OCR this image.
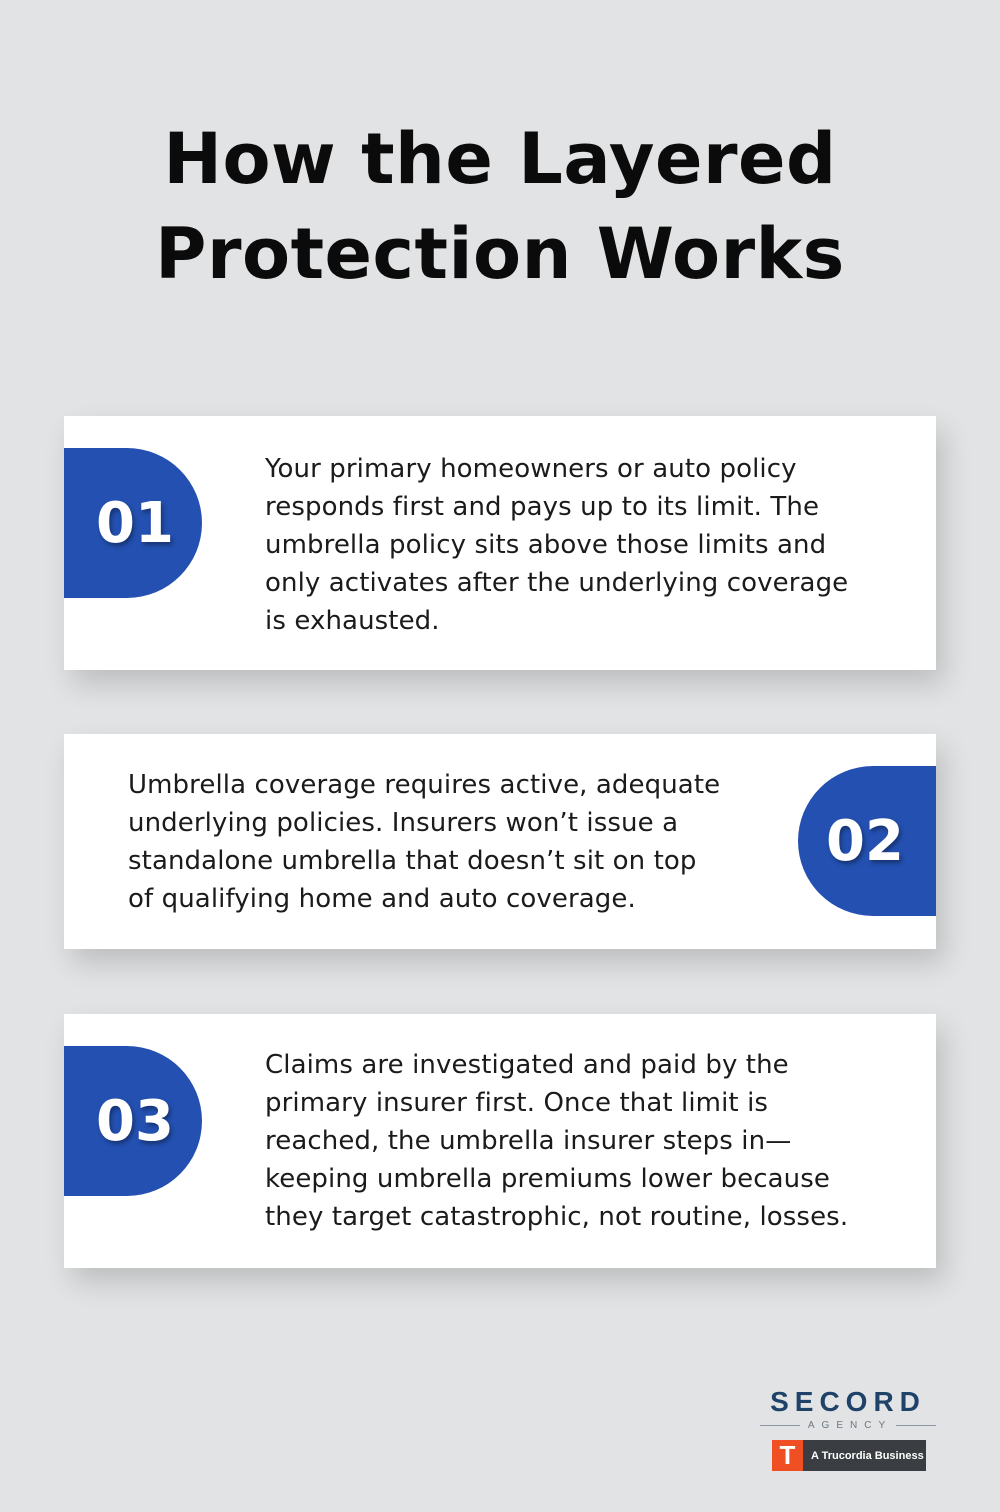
How the Layered
Protection Works
01
Your primary homeowners or auto policy
responds first and pays up to its limit. The
umbrella policy sits above those limits and
only activates after the underlying coverage
is exhausted.
Umbrella coverage requires active, adequate
underlying policies. Insurers won’t issue a
standalone umbrella that doesn’t sit on top
of qualifying home and auto coverage.
02
03
Claims are investigated and paid by the
primary insurer first. Once that limit is
reached, the umbrella insurer steps in—
keeping umbrella premiums lower because
they target catastrophic, not routine, losses.
SECORD
AGENCY
T	A Trucordia Business
